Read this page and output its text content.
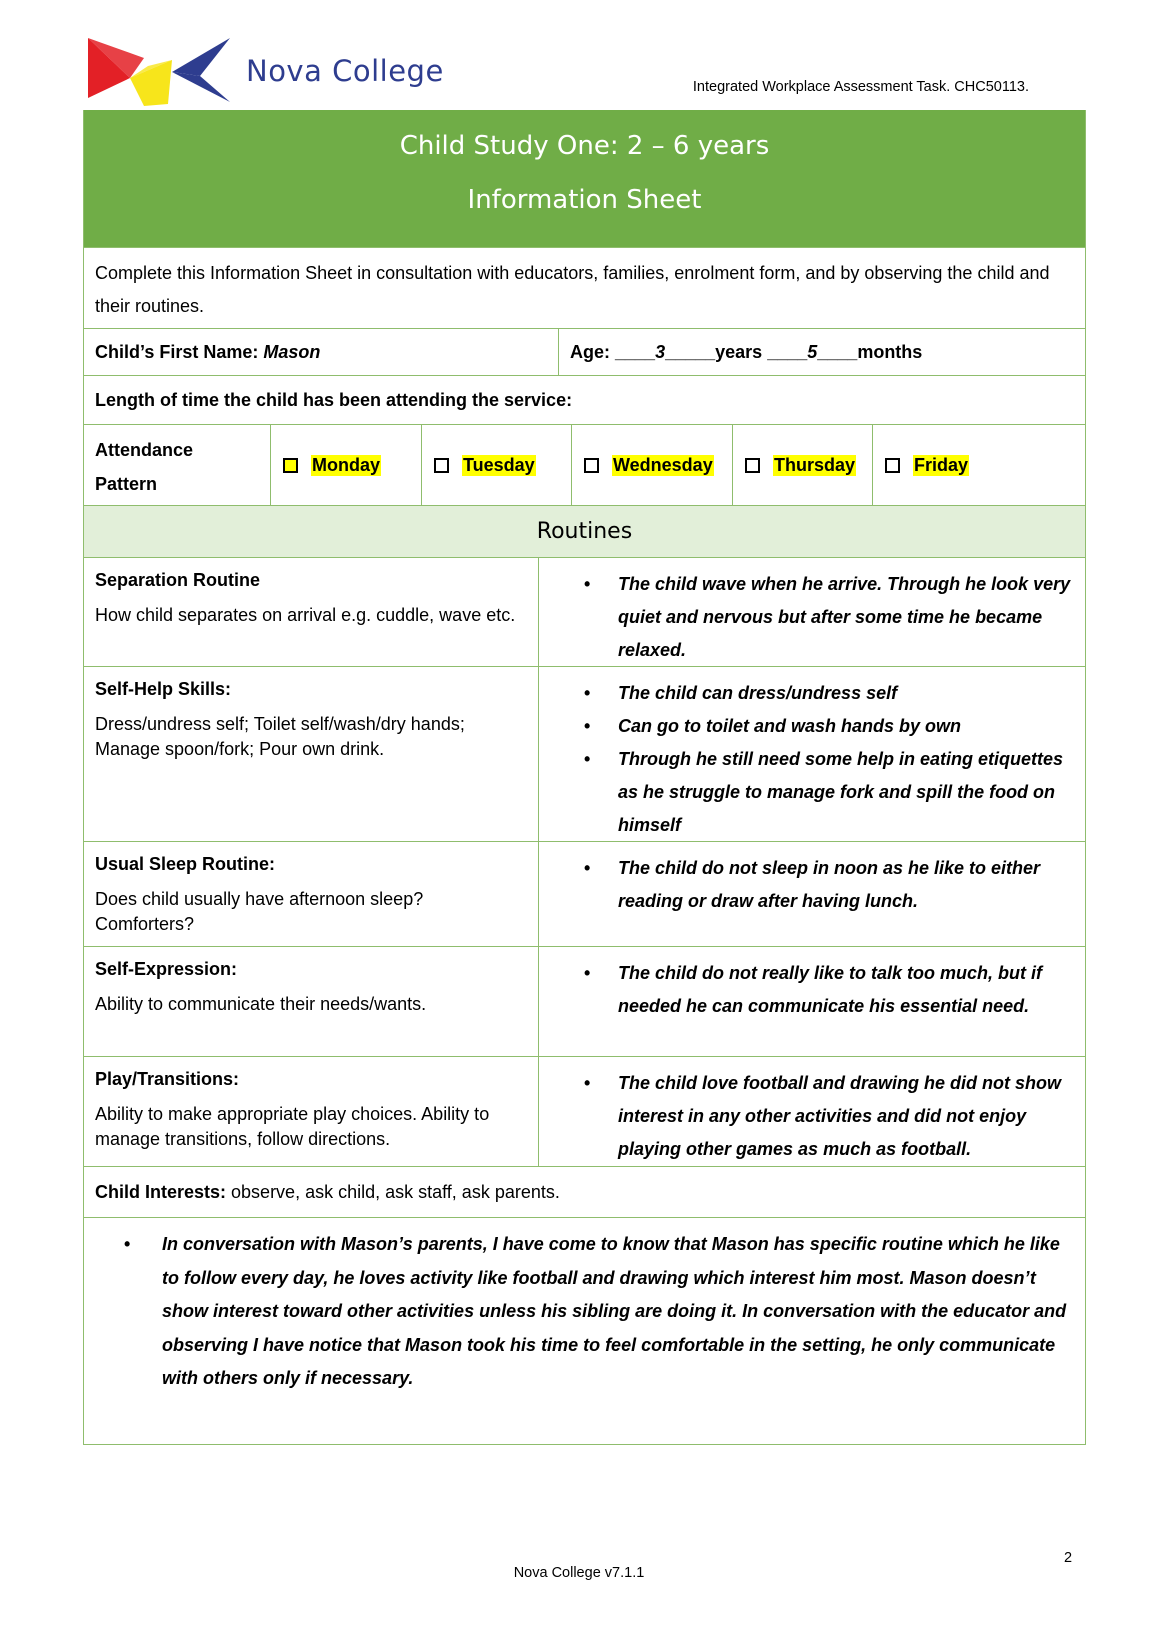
Nova College	Integrated Workplace Assessment Task. CHC50113.
Child Study One: 2 – 6 years
Information Sheet
Complete this Information Sheet in consultation with educators, families, enrolment form, and by observing the child and their routines.
Child’s First Name: Mason	Age: ____3_____years ____5____months
Length of time the child has been attending the service:
Attendance
Pattern
Monday	Tuesday	Wednesday	Thursday	Friday
Routines
Separation Routine
How child separates on arrival e.g. cuddle, wave etc.
•	The child wave when he arrive. Through he look very quiet and nervous but after some time he became relaxed.
Self-Help Skills:
Dress/undress self; Toilet self/wash/dry hands; Manage spoon/fork; Pour own drink.
•	The child can dress/undress self
•	Can go to toilet and wash hands by own
•	Through he still need some help in eating etiquettes as he struggle to manage fork and spill the food on himself
Usual Sleep Routine:
Does child usually have afternoon sleep? Comforters?
•	The child do not sleep in noon as he like to either reading or draw after having lunch.
Self-Expression:
Ability to communicate their needs/wants.
•	The child do not really like to talk too much, but if needed he can communicate his essential need.
Play/Transitions:
Ability to make appropriate play choices. Ability to manage transitions, follow directions.
•	The child love football and drawing he did not show interest in any other activities and did not enjoy playing other games as much as football.
Child Interests: observe, ask child, ask staff, ask parents.
•	In conversation with Mason’s parents, I have come to know that Mason has specific routine which he like to follow every day, he loves activity like football and drawing which interest him most. Mason doesn’t show interest toward other activities unless his sibling are doing it. In conversation with the educator and observing I have notice that Mason took his time to feel comfortable in the setting, he only communicate with others only if necessary.
2
Nova College v7.1.1
